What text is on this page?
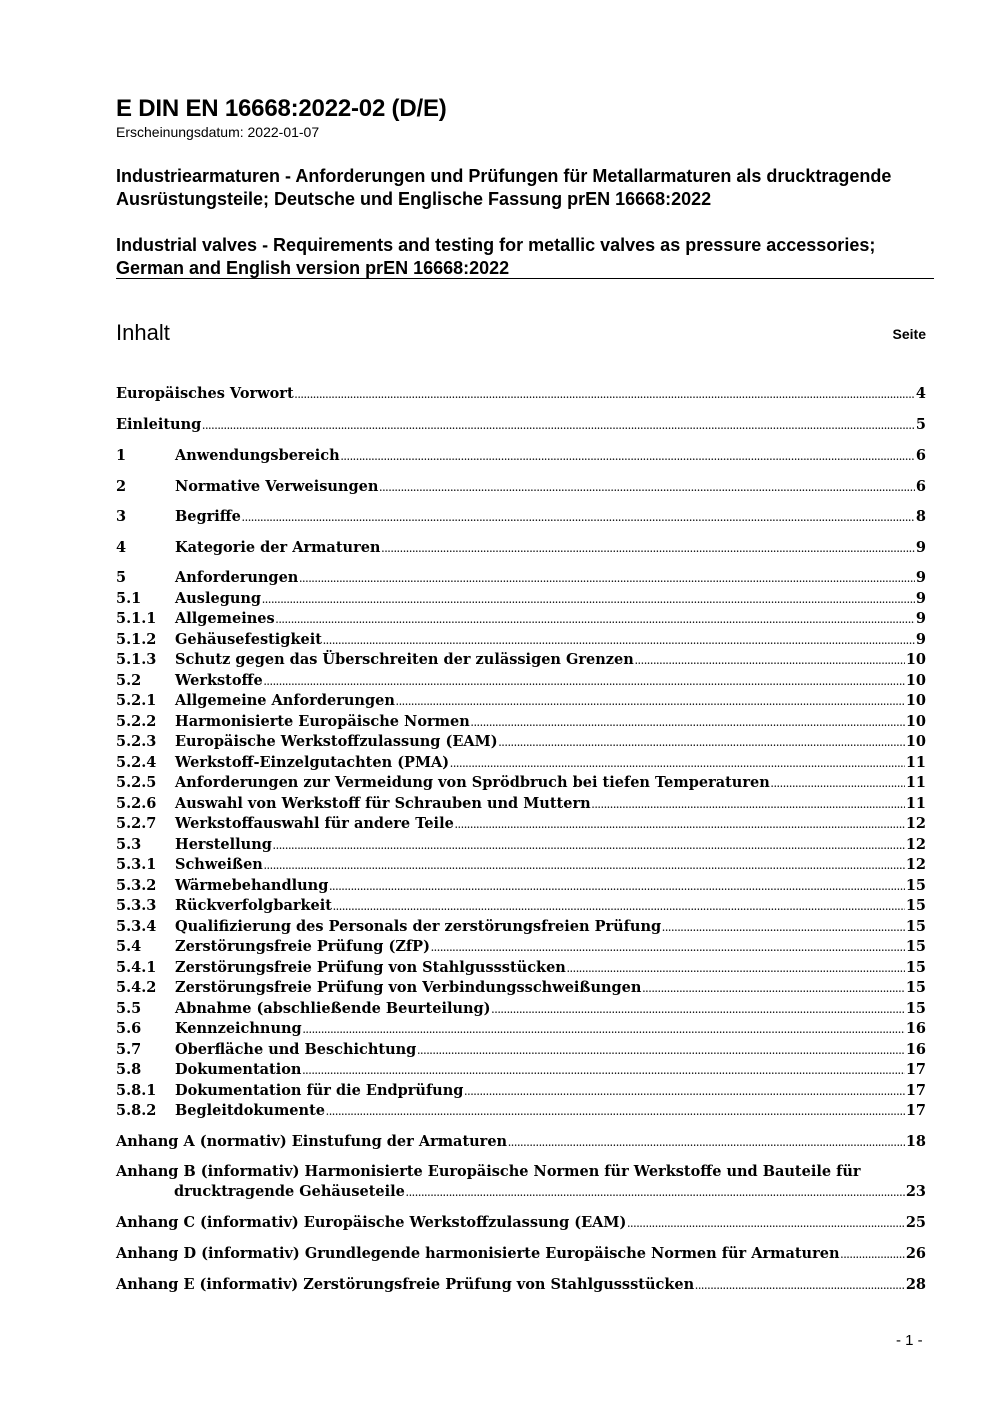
E DIN EN 16668:2022-02 (D/E)
Erscheinungsdatum: 2022-01-07
Industriearmaturen - Anforderungen und Prüfungen für Metallarmaturen als drucktragende Ausrüstungsteile; Deutsche und Englische Fassung prEN 16668:2022
Industrial valves - Requirements and testing for metallic valves as pressure accessories; German and English version prEN 16668:2022
Inhalt	Seite
Europäisches Vorwort .....	4
Einleitung .....	5
1	Anwendungsbereich .....	6
2	Normative Verweisungen .....	6
3	Begriffe .....	8
4	Kategorie der Armaturen .....	9
5	Anforderungen .....	9
5.1	Auslegung .....	9
5.1.1	Allgemeines .....	9
5.1.2	Gehäusefestigkeit .....	9
5.1.3	Schutz gegen das Überschreiten der zulässigen Grenzen .....	10
5.2	Werkstoffe .....	10
5.2.1	Allgemeine Anforderungen .....	10
5.2.2	Harmonisierte Europäische Normen .....	10
5.2.3	Europäische Werkstoffzulassung (EAM) .....	10
5.2.4	Werkstoff-Einzelgutachten (PMA) .....	11
5.2.5	Anforderungen zur Vermeidung von Sprödbruch bei tiefen Temperaturen .....	11
5.2.6	Auswahl von Werkstoff für Schrauben und Muttern .....	11
5.2.7	Werkstoffauswahl für andere Teile .....	12
5.3	Herstellung .....	12
5.3.1	Schweißen .....	12
5.3.2	Wärmebehandlung .....	15
5.3.3	Rückverfolgbarkeit .....	15
5.3.4	Qualifizierung des Personals der zerstörungsfreien Prüfung .....	15
5.4	Zerstörungsfreie Prüfung (ZfP) .....	15
5.4.1	Zerstörungsfreie Prüfung von Stahlgussstücken .....	15
5.4.2	Zerstörungsfreie Prüfung von Verbindungsschweißungen .....	15
5.5	Abnahme (abschließende Beurteilung) .....	15
5.6	Kennzeichnung .....	16
5.7	Oberfläche und Beschichtung .....	16
5.8	Dokumentation .....	17
5.8.1	Dokumentation für die Endprüfung .....	17
5.8.2	Begleitdokumente .....	17
Anhang A (normativ) Einstufung der Armaturen .....	18
Anhang B (informativ) Harmonisierte Europäische Normen für Werkstoffe und Bauteile für
drucktragende Gehäuseteile .....	23
Anhang C (informativ) Europäische Werkstoffzulassung (EAM) .....	25
Anhang D (informativ) Grundlegende harmonisierte Europäische Normen für Armaturen .....	26
Anhang E (informativ) Zerstörungsfreie Prüfung von Stahlgussstücken .....	28
- 1 -
